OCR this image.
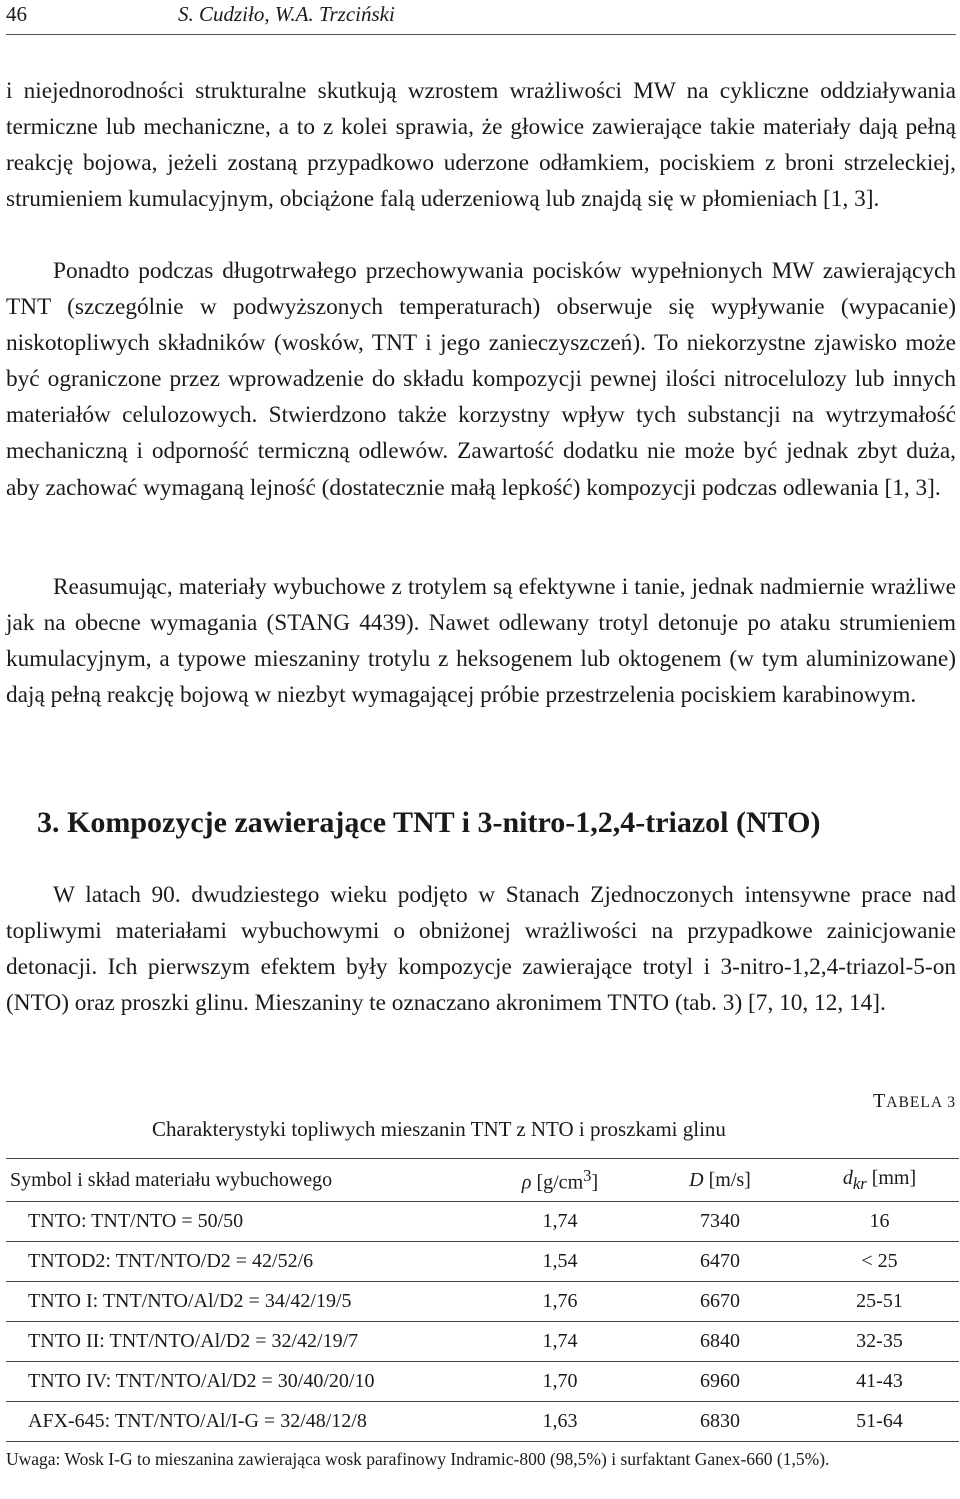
46	S. Cudziło, W.A. Trzciński

i niejednorodności strukturalne skutkują wzrostem wrażliwości MW na cykliczne oddziaływania termiczne lub mechaniczne, a to z kolei sprawia, że głowice zawierające takie materiały dają pełną reakcję bojowa, jeżeli zostaną przypadkowo uderzone odłamkiem, pociskiem z broni strzeleckiej, strumieniem kumulacyjnym, obciążone falą uderzeniową lub znajdą się w płomieniach [1, 3].

Ponadto podczas długotrwałego przechowywania pocisków wypełnionych MW zawierających TNT (szczególnie w podwyższonych temperaturach) obserwuje się wypływanie (wypacanie) niskotopliwych składników (wosków, TNT i jego zanieczyszczeń). To niekorzystne zjawisko może być ograniczone przez wprowadzenie do składu kompozycji pewnej ilości nitrocelulozy lub innych materiałów celulozowych. Stwierdzono także korzystny wpływ tych substancji na wytrzymałość mechaniczną i odporność termiczną odlewów. Zawartość dodatku nie może być jednak zbyt duża, aby zachować wymaganą lejność (dostatecznie małą lepkość) kompozycji podczas odlewania [1, 3].

Reasumując, materiały wybuchowe z trotylem są efektywne i tanie, jednak nadmiernie wrażliwe jak na obecne wymagania (STANG 4439). Nawet odlewany trotyl detonuje po ataku strumieniem kumulacyjnym, a typowe mieszaniny trotylu z heksogenem lub oktogenem (w tym aluminizowane) dają pełną reakcję bojową w niezbyt wymagającej próbie przestrzelenia pociskiem karabinowym.

3. Kompozycje zawierające TNT i 3-nitro-1,2,4-triazol (NTO)

W latach 90. dwudziestego wieku podjęto w Stanach Zjednoczonych intensywne prace nad topliwymi materiałami wybuchowymi o obniżonej wrażliwości na przypadkowe zainicjowanie detonacji. Ich pierwszym efektem były kompozycje zawierające trotyl i 3-nitro-1,2,4-triazol-5-on (NTO) oraz proszki glinu. Mieszaniny te oznaczano akronimem TNTO (tab. 3) [7, 10, 12, 14].

TABELA 3
Charakterystyki topliwych mieszanin TNT z NTO i proszkami glinu
Symbol i skład materiału wybuchowego	ρ $[g/cm^3]$	D [m/s]	$d_{kr}$ [mm]
TNTO: TNT/NTO = 50/50	1,74	7340	16
TNTOD2: TNT/NTO/D2 = 42/52/6	1,54	6470	< 25
TNTO I: TNT/NTO/Al/D2 = 34/42/19/5	1,76	6670	25-51
TNTO II: TNT/NTO/Al/D2 = 32/42/19/7	1,74	6840	32-35
TNTO IV: TNT/NTO/Al/D2 = 30/40/20/10	1,70	6960	41-43
AFX-645: TNT/NTO/Al/I-G = 32/48/12/8	1,63	6830	51-64

Uwaga: Wosk I-G to mieszanina zawierająca wosk parafinowy Indramic-800 (98,5%) i surfaktant Ganex-660 (1,5%).
